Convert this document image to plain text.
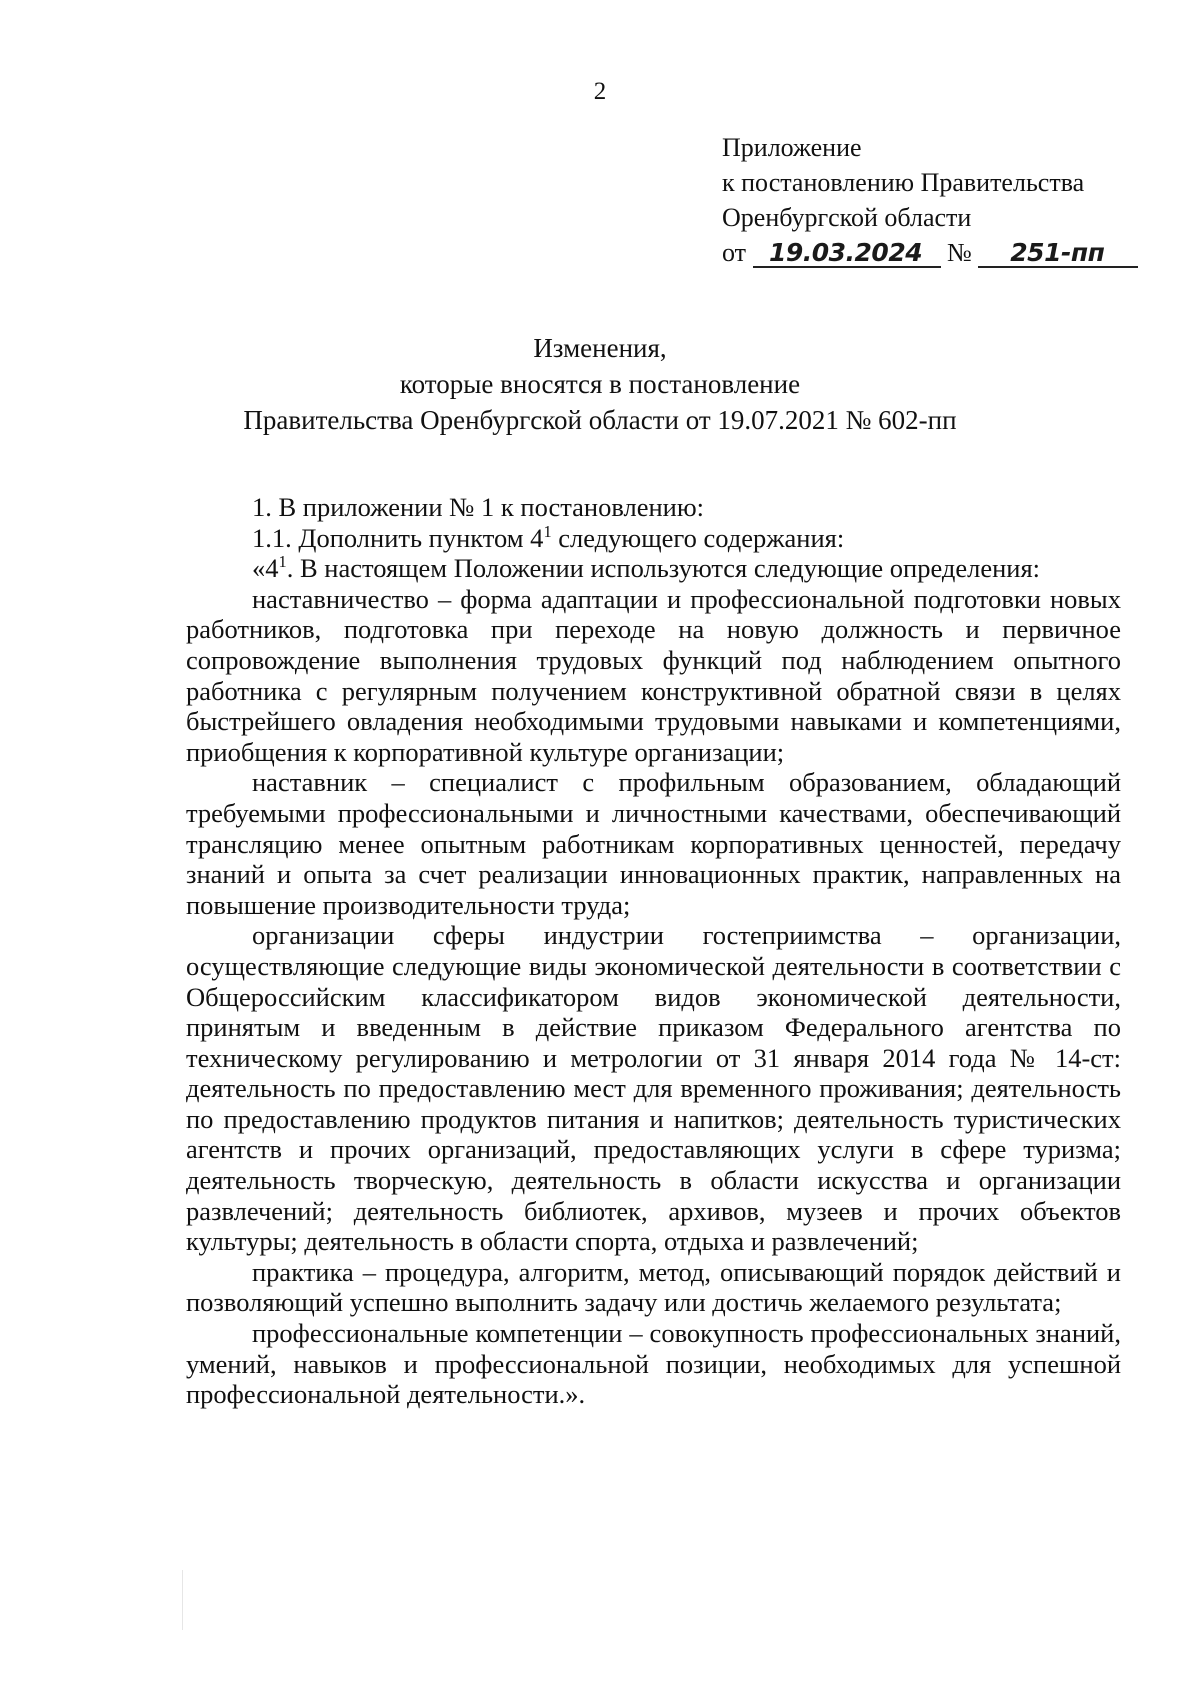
2
Приложение
к постановлению Правительства
Оренбургской области
от 19.03.2024 № 251-пп
Изменения,
которые вносятся в постановление
Правительства Оренбургской области от 19.07.2021 № 602-пп

1. В приложении № 1 к постановлению:

1.1. Дополнить пунктом $4^1$ следующего содержания:

«$4^1$. В настоящем Положении используются следующие определения:

наставничество – форма адаптации и профессиональной подготовки новых работников, подготовка при переходе на новую должность и первичное сопровождение выполнения трудовых функций под наблюдением опытного работника с регулярным получением конструктивной обратной связи в целях быстрейшего овладения необходимыми трудовыми навыками и компетенциями, приобщения к корпоративной культуре организации;

наставник – специалист с профильным образованием, обладающий требуемыми профессиональными и личностными качествами, обеспечивающий трансляцию менее опытным работникам корпоративных ценностей, передачу знаний и опыта за счет реализации инновационных практик, направленных на повышение производительности труда;

организации сферы индустрии гостеприимства – организации, осуществляющие следующие виды экономической деятельности в соответствии с Общероссийским классификатором видов экономической деятельности, принятым и введенным в действие приказом Федерального агентства по техническому регулированию и метрологии от 31 января 2014 года № 14-ст: деятельность по предоставлению мест для временного проживания; деятельность по предоставлению продуктов питания и напитков; деятельность туристических агентств и прочих организаций, предоставляющих услуги в сфере туризма; деятельность творческую, деятельность в области искусства и организации развлечений; деятельность библиотек, архивов, музеев и прочих объектов культуры; деятельность в области спорта, отдыха и развлечений;

практика – процедура, алгоритм, метод, описывающий порядок действий и позволяющий успешно выполнить задачу или достичь желаемого результата;

профессиональные компетенции – совокупность профессиональных знаний, умений, навыков и профессиональной позиции, необходимых для успешной профессиональной деятельности.».
